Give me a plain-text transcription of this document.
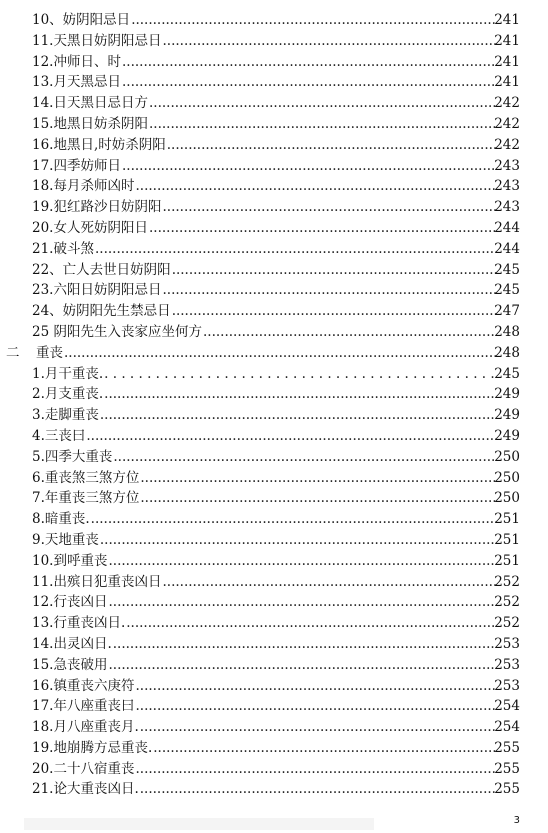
10、妨阴阳忌日 .....	241
11.天黑日妨阴阳忌日 .....	241
12.冲师日、时 .....	241
13.月天黑忌日 .....	241
14.日天黑日忌日方 .....	242
15.地黑日妨杀阴阳 .....	242
16.地黑日,时妨杀阴阳 .....	242
17.四季妨师日 .....	243
18.每月杀师凶时 .....	243
19.犯红路沙日妨阴阳 .....	243
20.女人死妨阴阳日 .....	244
21.破斗煞 .....	244
22、亡人去世日妨阴阳 .....	245
23.六阳日妨阴阳忌日 .....	245
24、妨阴阳先生禁忌日 .....	247
25 阴阳先生入丧家应坐何方 .....	248
二	重丧 .....	248
1.月干重丧. . . .	245
2.月支重丧. .....	249
3.走脚重丧 .....	249
4.三丧曰 .....	249
5.四季大重丧 .....	250
6.重丧煞三煞方位 .....	250
7.年重丧三煞方位 .....	250
8.暗重丧. .....	251
9.天地重丧 .....	251
10.到呼重丧 .....	251
11.出殡日犯重丧凶日 .....	252
12.行丧凶日 .....	252
13.行重丧凶日. .....	252
14.出灵凶日. .....	253
15.急丧破用 .....	253
16.镇重丧六庚符 .....	253
17.年八座重丧曰 .....	254
18.月八座重丧月. .....	254
19.地崩腾方忌重丧. .....	255
20.二十八宿重丧 .....	255
21.论大重丧凶日. .....	255
3
